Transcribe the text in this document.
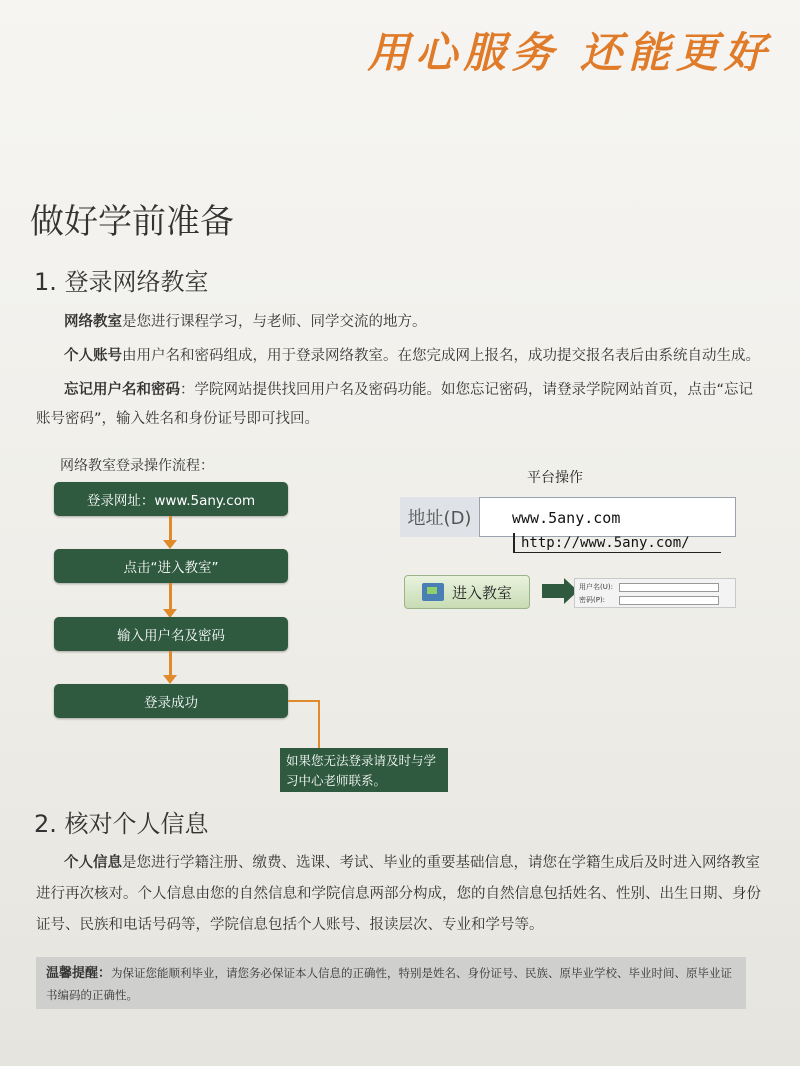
用心服务 还能更好
做好学前准备
1. 登录网络教室
网络教室是您进行课程学习，与老师、同学交流的地方。
个人账号由用户名和密码组成，用于登录网络教室。在您完成网上报名，成功提交报名表后由系统自动生成。
忘记用户名和密码：学院网站提供找回用户名及密码功能。如您忘记密码，请登录学院网站首页，点击“忘记账号密码”，输入姓名和身份证号即可找回。
网络教室登录操作流程：
登录网址：www.5any.com
点击“进入教室”
输入用户名及密码
登录成功
如果您无法登录请及时与学习中心老师联系。
平台操作
地址(D)	www.5any.com
http://www.5any.com/
进入教室	用户名(U):
密码(P):
2. 核对个人信息
个人信息是您进行学籍注册、缴费、选课、考试、毕业的重要基础信息，请您在学籍生成后及时进入网络教室进行再次核对。个人信息由您的自然信息和学院信息两部分构成，您的自然信息包括姓名、性别、出生日期、身份证号、民族和电话号码等，学院信息包括个人账号、报读层次、专业和学号等。
温馨提醒：为保证您能顺利毕业，请您务必保证本人信息的正确性，特别是姓名、身份证号、民族、原毕业学校、毕业时间、原毕业证书编码的正确性。
